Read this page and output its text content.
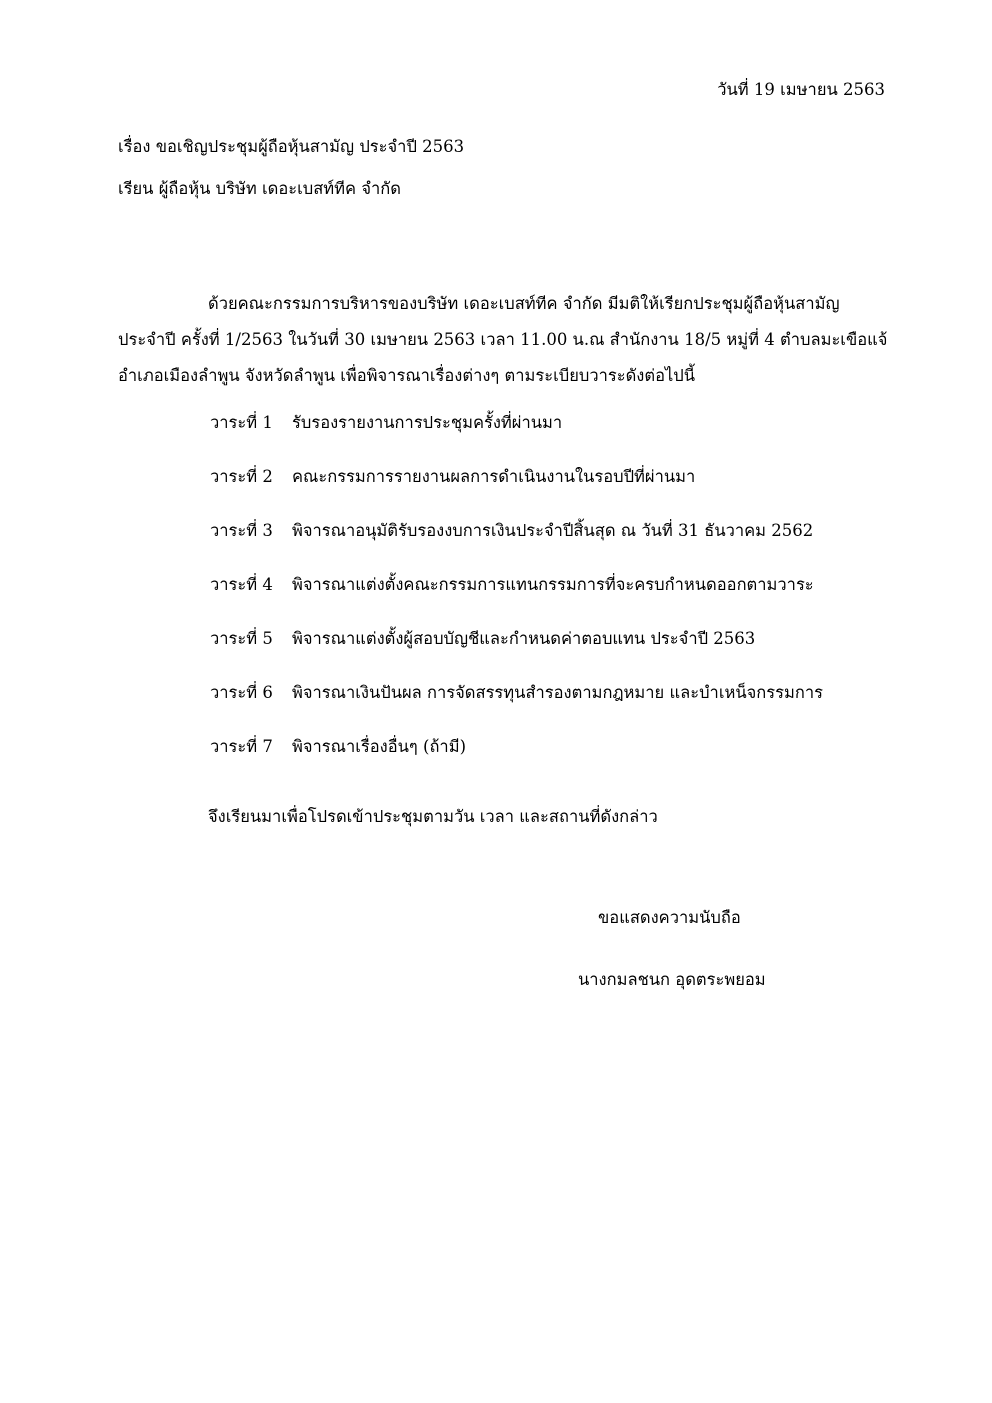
วันที่ 19 เมษายน 2563
เรื่อง ขอเชิญประชุมผู้ถือหุ้นสามัญ ประจำปี 2563
เรียน ผู้ถือหุ้น บริษัท เดอะเบสท์ทีค จำกัด
ด้วยคณะกรรมการบริหารของบริษัท เดอะเบสท์ทีค จำกัด มีมติให้เรียกประชุมผู้ถือหุ้นสามัญ
ประจำปี ครั้งที่ 1/2563 ในวันที่ 30 เมษายน 2563 เวลา 11.00 น.ณ สำนักงาน 18/5 หมู่ที่ 4 ตำบลมะเขือแจ้
อำเภอเมืองลำพูน จังหวัดลำพูน เพื่อพิจารณาเรื่องต่างๆ ตามระเบียบวาระดังต่อไปนี้
วาระที่ 1 รับรองรายงานการประชุมครั้งที่ผ่านมา
วาระที่ 2 คณะกรรมการรายงานผลการดำเนินงานในรอบปีที่ผ่านมา
วาระที่ 3 พิจารณาอนุมัติรับรองงบการเงินประจำปีสิ้นสุด ณ วันที่ 31 ธันวาคม 2562
วาระที่ 4 พิจารณาแต่งตั้งคณะกรรมการแทนกรรมการที่จะครบกำหนดออกตามวาระ
วาระที่ 5 พิจารณาแต่งตั้งผู้สอบบัญชีและกำหนดค่าตอบแทน ประจำปี 2563
วาระที่ 6 พิจารณาเงินปันผล การจัดสรรทุนสำรองตามกฎหมาย และบำเหน็จกรรมการ
วาระที่ 7 พิจารณาเรื่องอื่นๆ (ถ้ามี)
จึงเรียนมาเพื่อโปรดเข้าประชุมตามวัน เวลา และสถานที่ดังกล่าว
ขอแสดงความนับถือ
นางกมลชนก อุดตระพยอม
